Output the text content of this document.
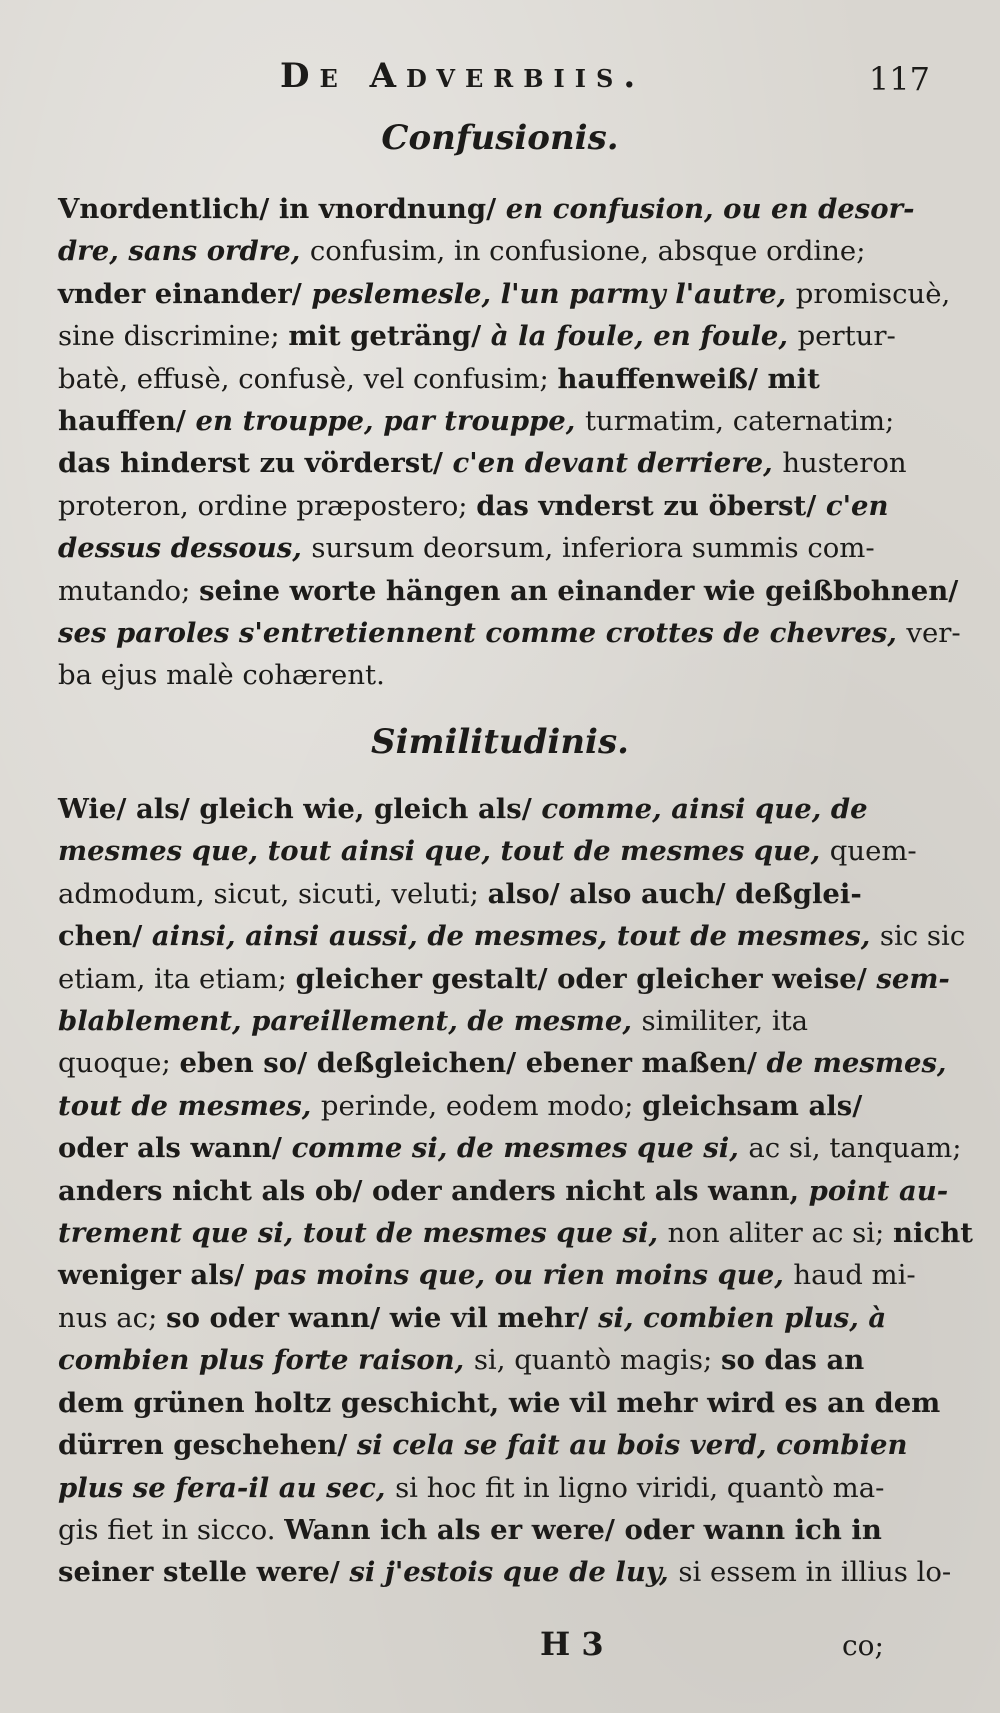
De Adverbiis.	117
Confusionis.
Vnordentlich/ in vnordnung/ en confusion, ou en desor-
dre, sans ordre, confusim, in confusione, absque ordine;
vnder einander/ peslemesle, l'un parmy l'autre, promiscuè,
sine discrimine; mit geträng/ à la foule, en foule, pertur-
batè, effusè, confusè, vel confusim; hauffenweiß/ mit
hauffen/ en trouppe, par trouppe, turmatim, caternatim;
das hinderst zu vörderst/ c'en devant derriere, husteron
proteron, ordine præpostero; das vnderst zu öberst/ c'en
dessus dessous, sursum deorsum, inferiora summis com-
mutando; seine worte hängen an einander wie geißbohnen/
ses paroles s'entretiennent comme crottes de chevres, ver-
ba ejus malè cohærent.
Similitudinis.
Wie/ als/ gleich wie, gleich als/ comme, ainsi que, de
mesmes que, tout ainsi que, tout de mesmes que, quem-
admodum, sicut, sicuti, veluti; also/ also auch/ deßglei-
chen/ ainsi, ainsi aussi, de mesmes, tout de mesmes, sic sic
etiam, ita etiam; gleicher gestalt/ oder gleicher weise/ sem-
blablement, pareillement, de mesme, similiter, ita
quoque; eben so/ deßgleichen/ ebener maßen/ de mesmes,
tout de mesmes, perinde, eodem modo; gleichsam als/
oder als wann/ comme si, de mesmes que si, ac si, tanquam;
anders nicht als ob/ oder anders nicht als wann, point au-
trement que si, tout de mesmes que si, non aliter ac si; nicht
weniger als/ pas moins que, ou rien moins que, haud mi-
nus ac; so oder wann/ wie vil mehr/ si, combien plus, à
combien plus forte raison, si, quantò magis; so das an
dem grünen holtz geschicht, wie vil mehr wird es an dem
dürren geschehen/ si cela se fait au bois verd, combien
plus se fera-il au sec, si hoc fit in ligno viridi, quantò ma-
gis fiet in sicco. Wann ich als er were/ oder wann ich in
seiner stelle were/ si j'estois que de luy, si essem in illius lo-
H 3	co;
